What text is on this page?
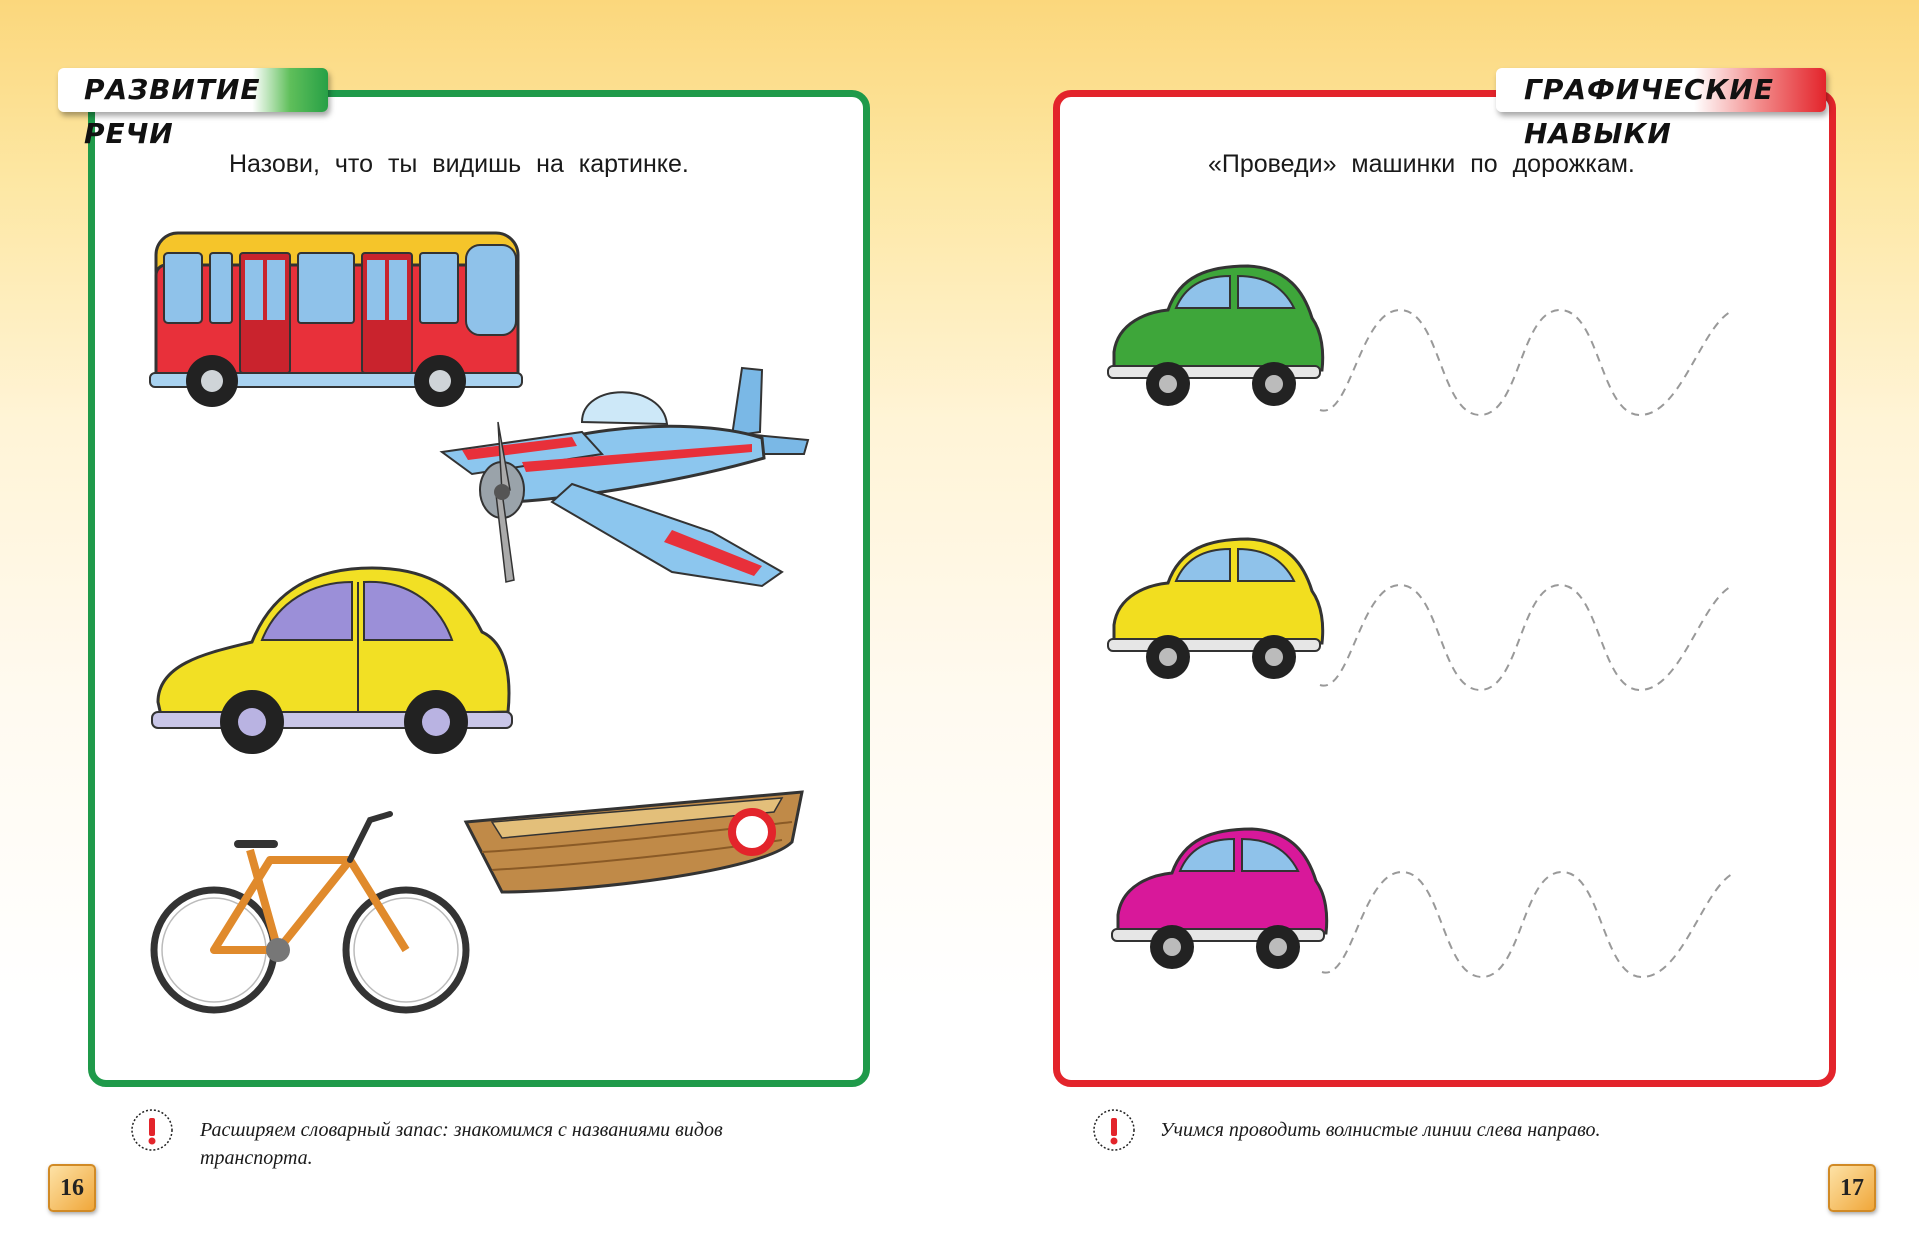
РАЗВИТИЕ РЕЧИ
Назови, что ты видишь на картинке.
Расширяем словарный запас: знакомимся с названиями видов транспорта.
16
ГРАФИЧЕСКИЕ НАВЫКИ
«Проведи» машинки по дорожкам.
Учимся проводить волнистые линии слева направо.
17
